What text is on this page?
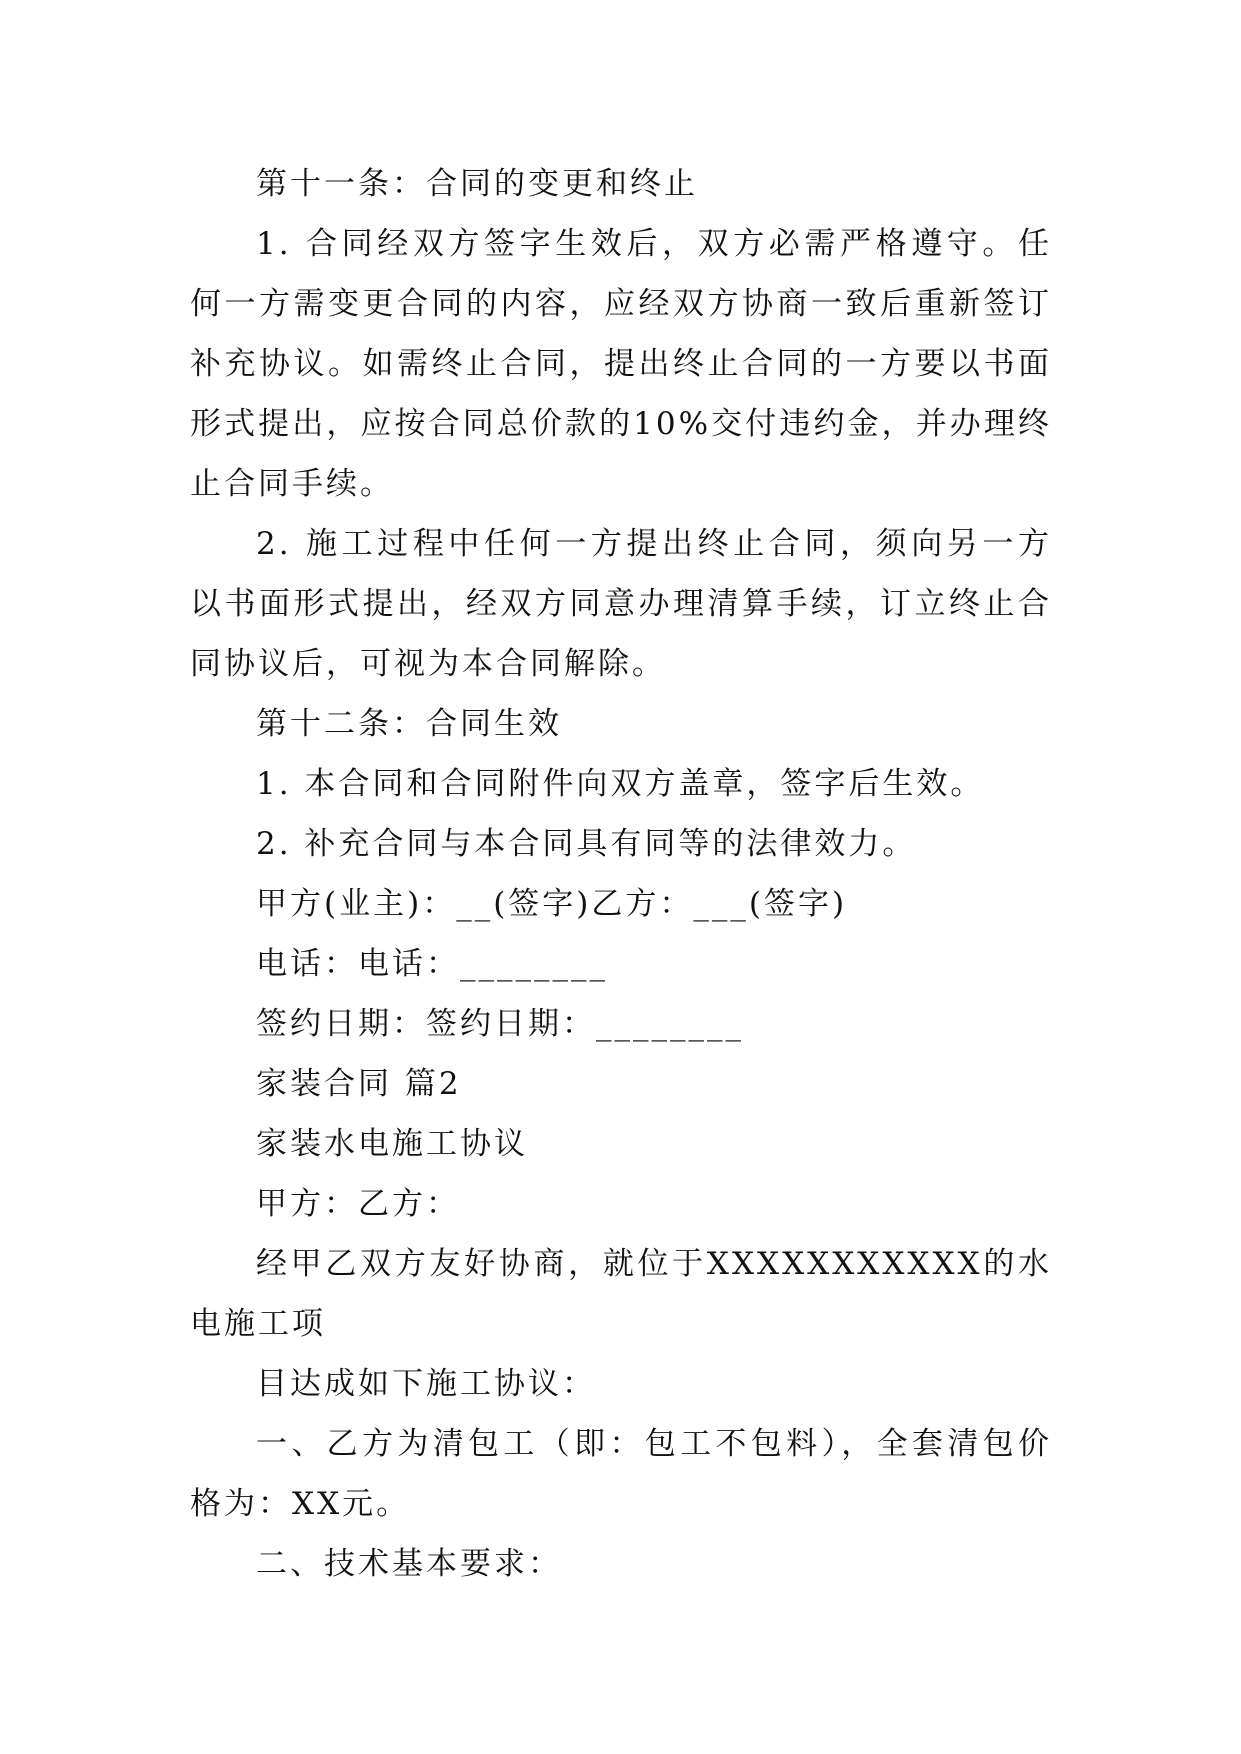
第十一条：合同的变更和终止

1. 合同经双方签字生效后，双方必需严格遵守。任何一方需变更合同的内容，应经双方协商一致后重新签订补充协议。如需终止合同，提出终止合同的一方要以书面形式提出，应按合同总价款的10%交付违约金，并办理终止合同手续。

2. 施工过程中任何一方提出终止合同，须向另一方以书面形式提出，经双方同意办理清算手续，订立终止合同协议后，可视为本合同解除。

第十二条：合同生效

1. 本合同和合同附件向双方盖章，签字后生效。

2. 补充合同与本合同具有同等的法律效力。

甲方(业主)：__(签字)乙方：___(签字)

电话：电话：________

签约日期：签约日期：________

家装合同 篇2

家装水电施工协议

甲方：乙方：

经甲乙双方友好协商，就位于XXXXXXXXXXX的水电施工项

目达成如下施工协议：

一、乙方为清包工（即：包工不包料），全套清包价格为：XX元。

二、技术基本要求：
